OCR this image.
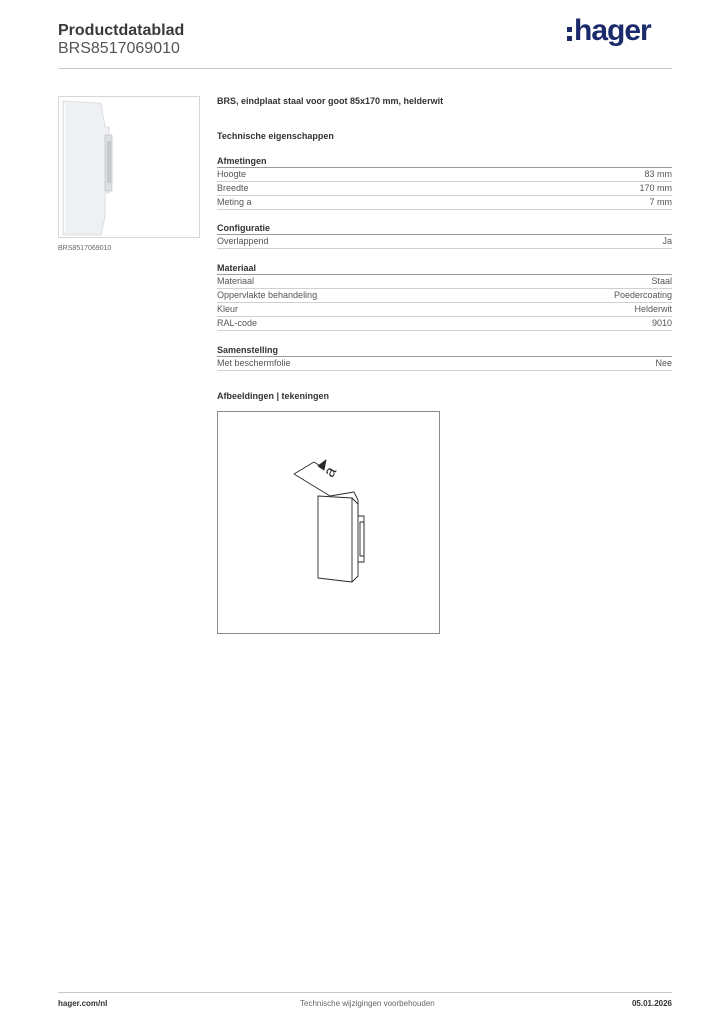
Productdatablad
BRS8517069010
hager
BRS8517069010
BRS, eindplaat staal voor goot 85x170 mm, helderwit
Technische eigenschappen
Afmetingen
Hoogte	83 mm
Breedte	170 mm
Meting a	7 mm
Configuratie
Overlappend	Ja
Materiaal
Materiaal	Staal
Oppervlakte behandeling	Poedercoating
Kleur	Helderwit
RAL-code	9010
Samenstelling
Met beschermfolie	Nee
Afbeeldingen | tekeningen
a
hager.com/nl	Technische wijzigingen voorbehouden	05.01.2026
